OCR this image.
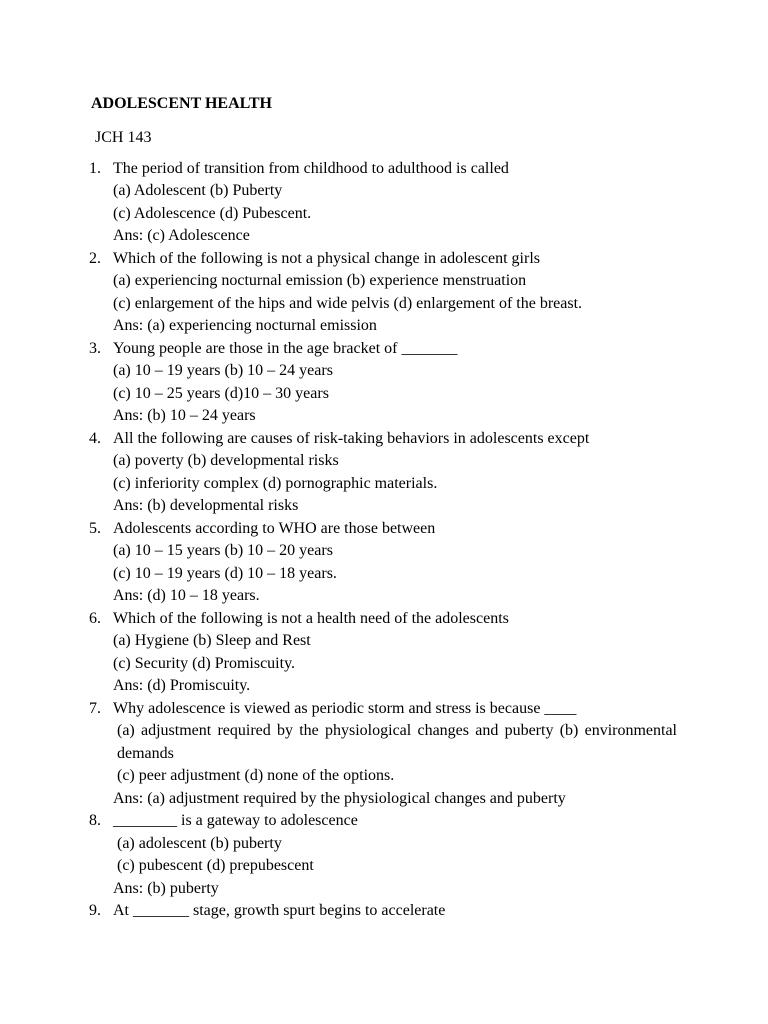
ADOLESCENT HEALTH
JCH 143
1. The period of transition from childhood to adulthood is called

(a) Adolescent (b) Puberty

(c) Adolescence (d) Pubescent.

Ans: (c) Adolescence

2. Which of the following is not a physical change in adolescent girls

(a) experiencing nocturnal emission (b) experience menstruation

(c) enlargement of the hips and wide pelvis (d) enlargement of the breast.

Ans: (a) experiencing nocturnal emission

3. Young people are those in the age bracket of _______

(a) 10 – 19 years (b) 10 – 24 years

(c) 10 – 25 years (d)10 – 30 years

Ans: (b) 10 – 24 years

4. All the following are causes of risk-taking behaviors in adolescents except

(a) poverty (b) developmental risks

(c) inferiority complex (d) pornographic materials.

Ans: (b) developmental risks

5. Adolescents according to WHO are those between

(a) 10 – 15 years (b) 10 – 20 years

(c) 10 – 19 years (d) 10 – 18 years.

Ans: (d) 10 – 18 years.

6. Which of the following is not a health need of the adolescents

(a) Hygiene (b) Sleep and Rest

(c) Security (d) Promiscuity.

Ans: (d) Promiscuity.

7. Why adolescence is viewed as periodic storm and stress is because ____

(a) adjustment required by the physiological changes and puberty (b) environmental demands

(c) peer adjustment (d) none of the options.

Ans: (a) adjustment required by the physiological changes and puberty

8. ________ is a gateway to adolescence

(a) adolescent (b) puberty

(c) pubescent (d) prepubescent

Ans: (b) puberty

9. At _______ stage, growth spurt begins to accelerate
